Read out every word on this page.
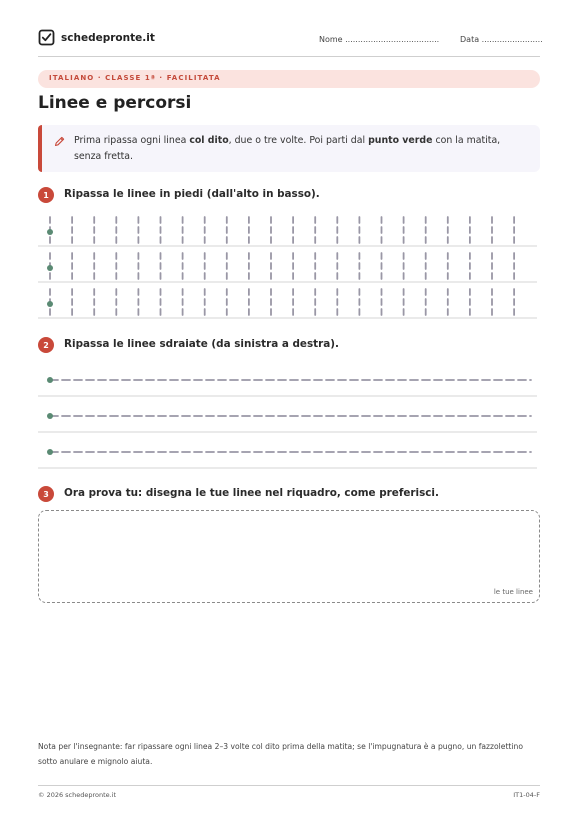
schedepronte.it	Nome .....................................	Data ........................
ITALIANO · CLASSE 1ª · FACILITATA
Linee e percorsi
Prima ripassa ogni linea col dito, due o tre volte. Poi parti dal punto verde con la matita, senza fretta.
1	Ripassa le linee in piedi (dall'alto in basso).
2	Ripassa le linee sdraiate (da sinistra a destra).
3	Ora prova tu: disegna le tue linee nel riquadro, come preferisci.
le tue linee
Nota per l'insegnante: far ripassare ogni linea 2–3 volte col dito prima della matita; se l'impugnatura è a pugno, un fazzolettino sotto anulare e mignolo aiuta.
© 2026 schedepronte.it	IT1-04-F
